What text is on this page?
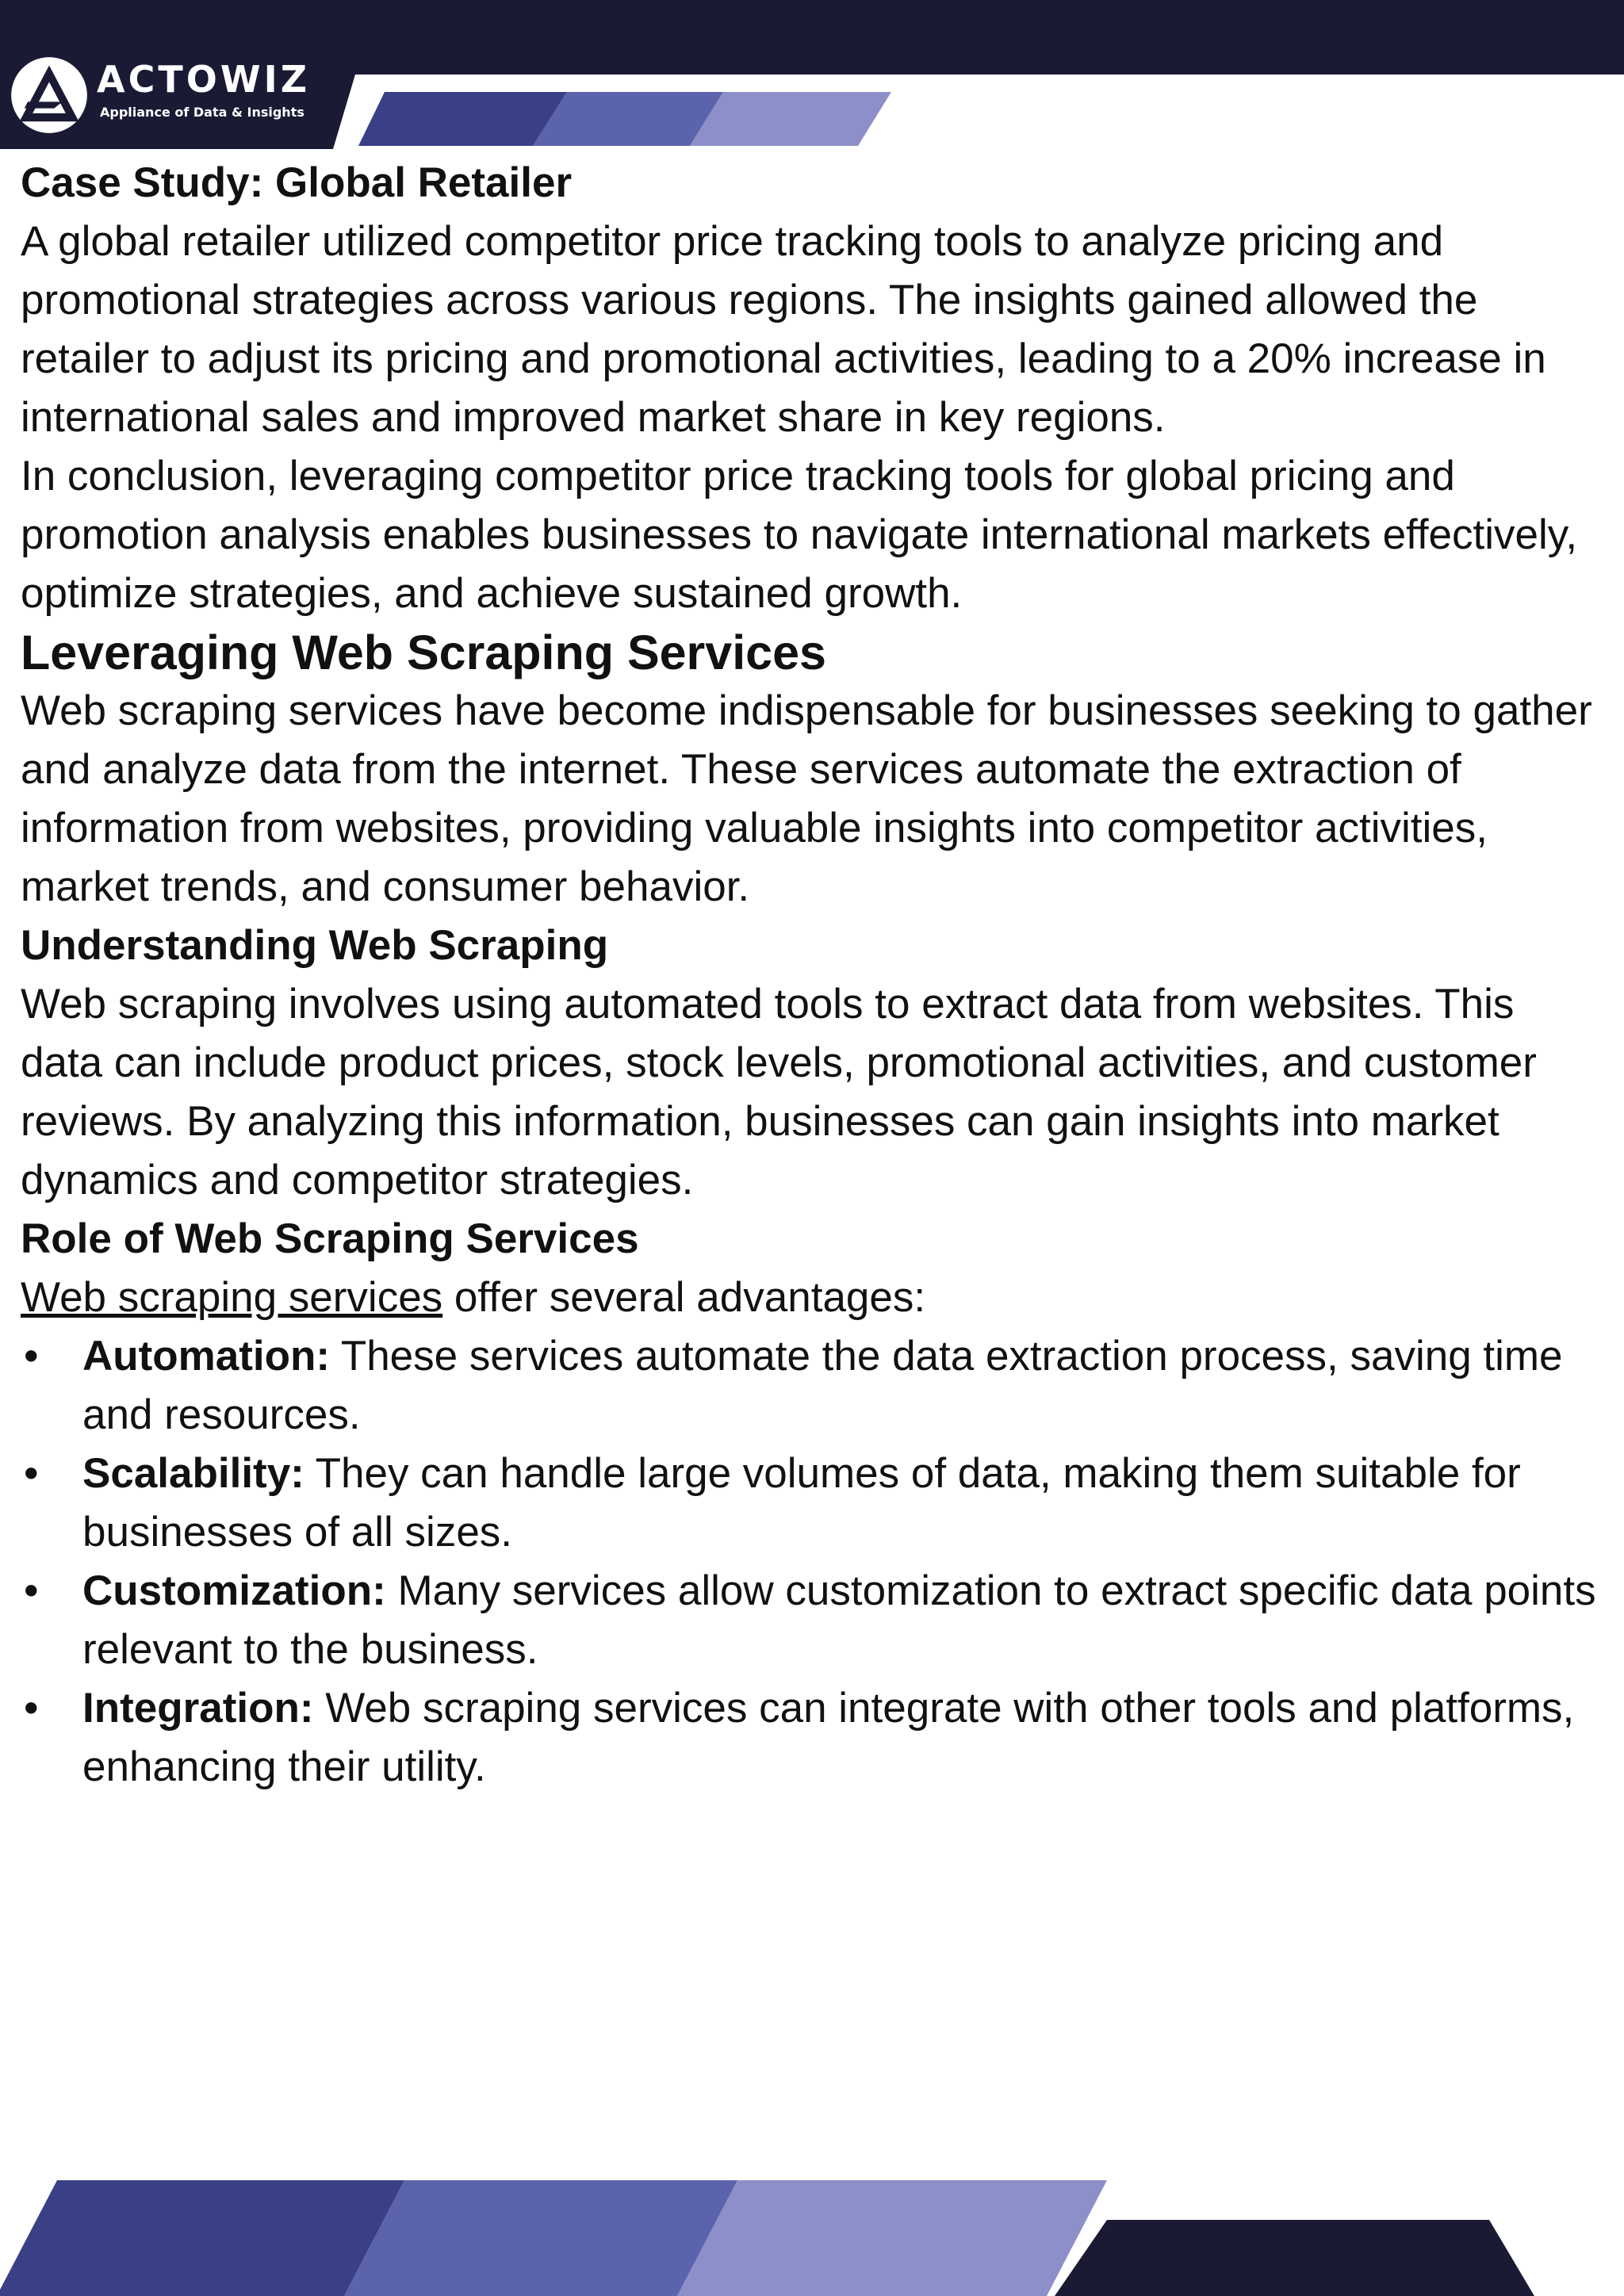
ACTOWIZ
Appliance of Data & Insights

Case Study: Global Retailer

A global retailer utilized competitor price tracking tools to analyze pricing and promotional strategies across various regions. The insights gained allowed the retailer to adjust its pricing and promotional activities, leading to a 20% increase in international sales and improved market share in key regions.

In conclusion, leveraging competitor price tracking tools for global pricing and promotion analysis enables businesses to navigate international markets effectively, optimize strategies, and achieve sustained growth.

Leveraging Web Scraping Services

Web scraping services have become indispensable for businesses seeking to gather and analyze data from the internet. These services automate the extraction of information from websites, providing valuable insights into competitor activities, market trends, and consumer behavior.

Understanding Web Scraping

Web scraping involves using automated tools to extract data from websites. This data can include product prices, stock levels, promotional activities, and customer reviews. By analyzing this information, businesses can gain insights into market dynamics and competitor strategies.

Role of Web Scraping Services

Web scraping services offer several advantages:

• Automation: These services automate the data extraction process, saving time and resources.
• Scalability: They can handle large volumes of data, making them suitable for businesses of all sizes.
• Customization: Many services allow customization to extract specific data points relevant to the business.
• Integration: Web scraping services can integrate with other tools and platforms, enhancing their utility.
